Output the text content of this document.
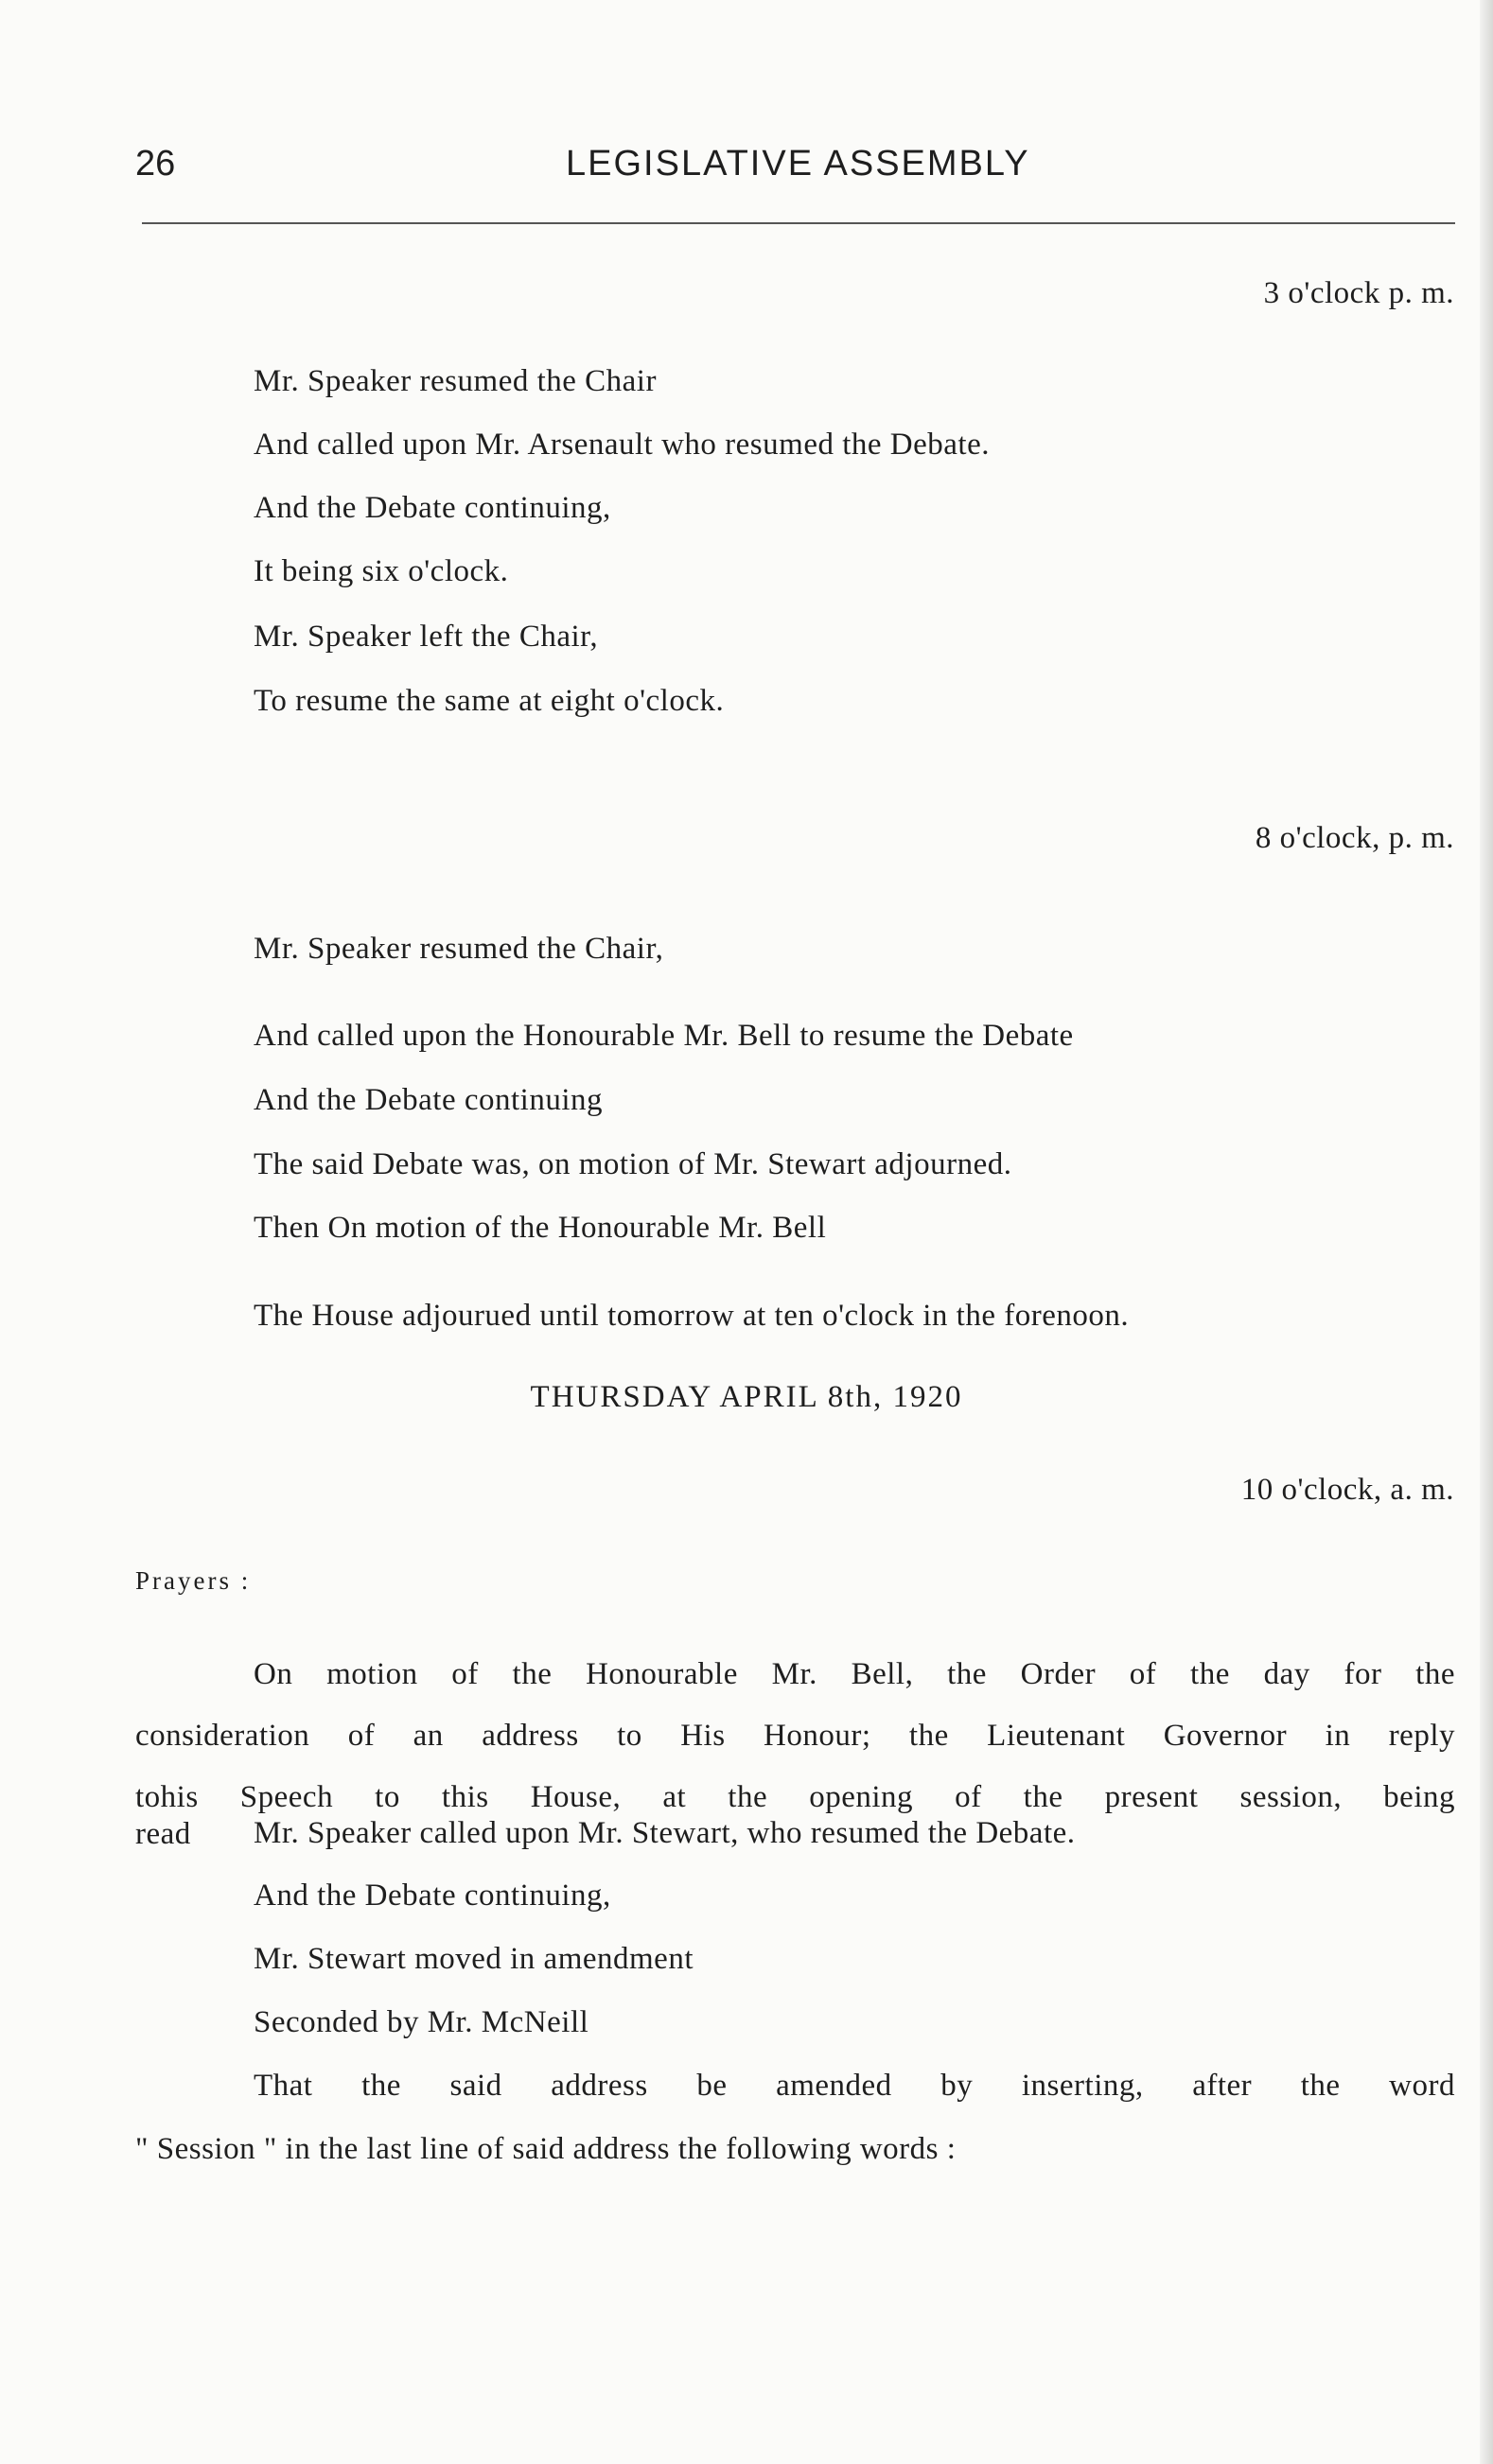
26	LEGISLATIVE ASSEMBLY
3 o'clock p. m.
Mr. Speaker resumed the Chair
And called upon Mr. Arsenault who resumed the Debate.
And the Debate continuing,
It being six o'clock.
Mr. Speaker left the Chair,
To resume the same at eight o'clock.
8 o'clock, p. m.
Mr. Speaker resumed the Chair,
And called upon the Honourable Mr. Bell to resume the Debate
And the Debate continuing
The said Debate was, on motion of Mr. Stewart adjourned.
Then On motion of the Honourable Mr. Bell
The House adjourued until tomorrow at ten o'clock in the forenoon.
THURSDAY APRIL 8th, 1920
10 o'clock, a. m.
Prayers :
On motion of the Honourable Mr. Bell, the Order of the day for the
consideration of an address to His Honour; the Lieutenant Governor in reply
tohis Speech to this House, at the opening of the present session, being
read Mr. Speaker called upon Mr. Stewart, who resumed the Debate.
And the Debate continuing,
Mr. Stewart moved in amendment
Seconded by Mr. McNeill
That the said address be amended by inserting, after the word
" Session " in the last line of said address the following words :
